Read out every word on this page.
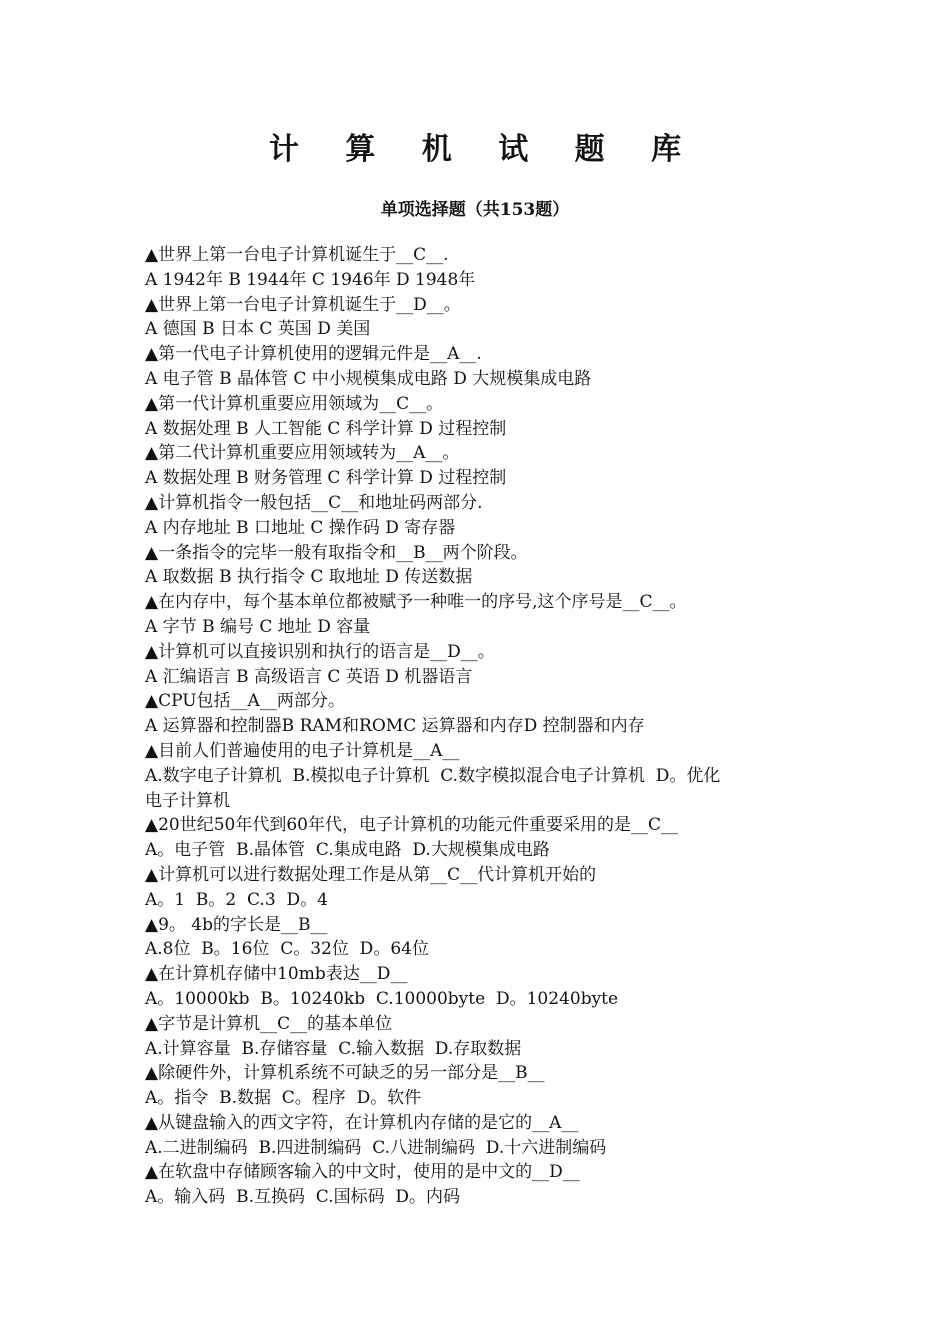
计 算 机 试 题 库
单项选择题（共153题）
▲世界上第一台电子计算机诞生于__C__.
A 1942年 B 1944年 C 1946年 D 1948年
▲世界上第一台电子计算机诞生于__D__。
A 德国 B 日本 C 英国 D 美国
▲第一代电子计算机使用的逻辑元件是__A__.
A 电子管 B 晶体管 C 中小规模集成电路 D 大规模集成电路
▲第一代计算机重要应用领域为__C__。
A 数据处理 B 人工智能 C 科学计算 D 过程控制
▲第二代计算机重要应用领域转为__A__。
A 数据处理 B 财务管理 C 科学计算 D 过程控制
▲计算机指令一般包括__C__和地址码两部分.
A 内存地址 B 口地址 C 操作码 D 寄存器
▲一条指令的完毕一般有取指令和__B__两个阶段。
A 取数据 B 执行指令 C 取地址 D 传送数据
▲在内存中，每个基本单位都被赋予一种唯一的序号,这个序号是__C__。
A 字节 B 编号 C 地址 D 容量
▲计算机可以直接识别和执行的语言是__D__。
A 汇编语言 B 高级语言 C 英语 D 机器语言
▲CPU包括__A__两部分。
A 运算器和控制器B RAM和ROMC 运算器和内存D 控制器和内存
▲目前人们普遍使用的电子计算机是__A__
A.数字电子计算机  B.模拟电子计算机  C.数字模拟混合电子计算机  D。优化
电子计算机
▲20世纪50年代到60年代，电子计算机的功能元件重要采用的是__C__
A。电子管  B.晶体管  C.集成电路  D.大规模集成电路
▲计算机可以进行数据处理工作是从第__C__代计算机开始的
A。1  B。2  C.3  D。4
▲9。 4b的字长是__B__
A.8位  B。16位  C。32位  D。64位
▲在计算机存储中10mb表达__D__
A。10000kb  B。10240kb  C.10000byte  D。10240byte
▲字节是计算机__C__的基本单位
A.计算容量  B.存储容量  C.输入数据  D.存取数据
▲除硬件外，计算机系统不可缺乏的另一部分是__B__
A。指令  B.数据  C。程序  D。软件
▲从键盘输入的西文字符，在计算机内存储的是它的__A__
A.二进制编码  B.四进制编码  C.八进制编码  D.十六进制编码
▲在软盘中存储顾客输入的中文时，使用的是中文的__D__
A。输入码  B.互换码  C.国标码  D。内码
